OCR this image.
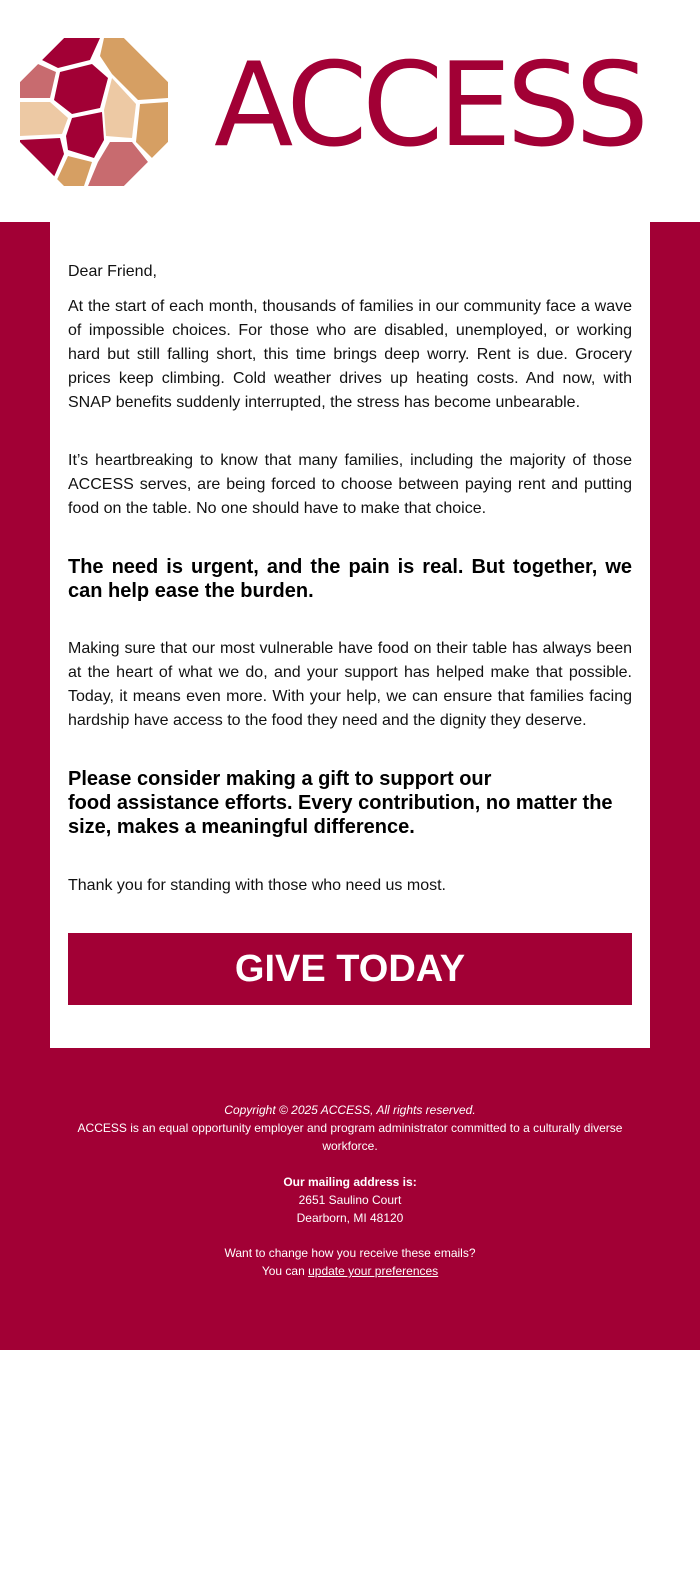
ACCESS

Dear Friend,

At the start of each month, thousands of families in our community face a wave of impossible choices. For those who are disabled, unemployed, or working hard but still falling short, this time brings deep worry. Rent is due. Grocery prices keep climbing. Cold weather drives up heating costs. And now, with SNAP benefits suddenly interrupted, the stress has become unbearable.

It’s heartbreaking to know that many families, including the majority of those ACCESS serves, are being forced to choose between paying rent and putting food on the table. No one should have to make that choice.

The need is urgent, and the pain is real. But together, we can help ease the burden.

Making sure that our most vulnerable have food on their table has always been at the heart of what we do, and your support has helped make that possible. Today, it means even more. With your help, we can ensure that families facing hardship have access to the food they need and the dignity they deserve.

Please consider making a gift to support our

food assistance efforts. Every contribution, no matter the size, makes a meaningful difference.

Thank you for standing with those who need us most.

GIVE TODAY

Copyright © 2025 ACCESS, All rights reserved.

ACCESS is an equal opportunity employer and program administrator committed to a culturally diverse workforce.

Our mailing address is:

2651 Saulino Court

Dearborn, MI 48120

Want to change how you receive these emails?

You can update your preferences
